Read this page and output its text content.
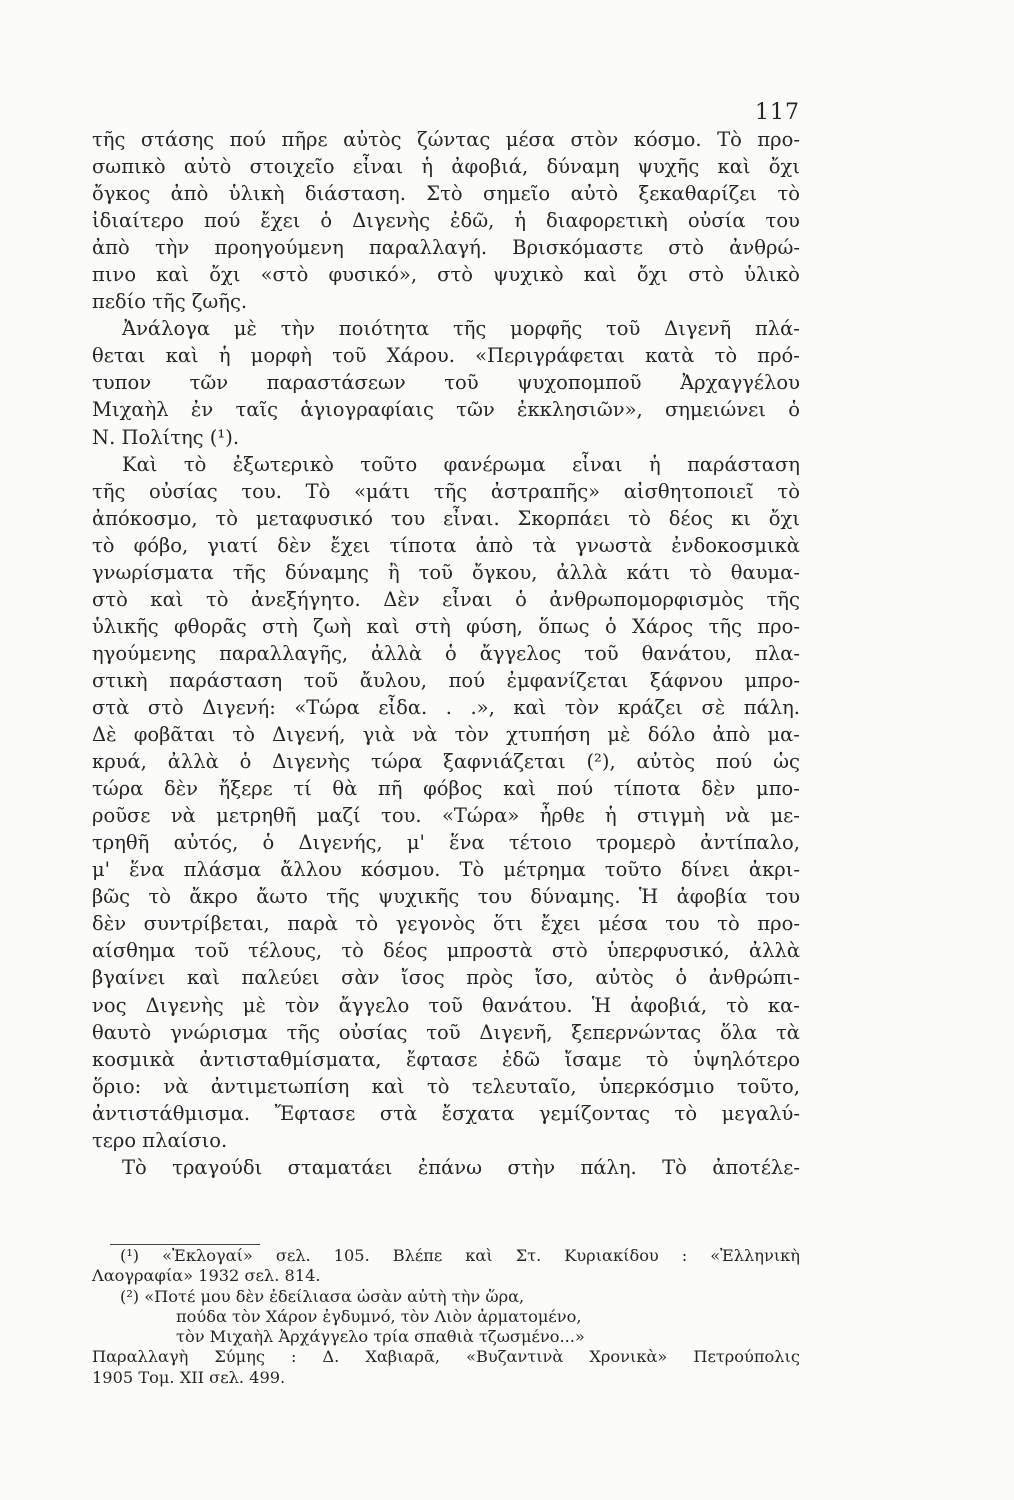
117
τῆς στάσης πού πῆρε αὐτὸς ζώντας μέσα στὸν κόσμο. Τὸ προ-
σωπικὸ αὐτὸ στοιχεῖο εἶναι ἡ ἀφοβιά, δύναμη ψυχῆς καὶ ὄχι
ὄγκος ἀπὸ ὑλικὴ διάσταση. Στὸ σημεῖο αὐτὸ ξεκαθαρίζει τὸ
ἰδιαίτερο πού ἔχει ὁ Διγενὴς ἐδῶ, ἡ διαφορετικὴ οὐσία του
ἀπὸ τὴν προηγούμενη παραλλαγή. Βρισκόμαστε στὸ ἀνθρώ-
πινο καὶ ὄχι «στὸ φυσικό», στὸ ψυχικὸ καὶ ὄχι στὸ ὑλικὸ
πεδίο τῆς ζωῆς.
Ἀνάλογα μὲ τὴν ποιότητα τῆς μορφῆς τοῦ Διγενῆ πλά-
θεται καὶ ἡ μορφὴ τοῦ Χάρου. «Περιγράφεται κατὰ τὸ πρό-
τυπον τῶν παραστάσεων τοῦ ψυχοπομποῦ Ἀρχαγγέλου
Μιχαὴλ ἐν ταῖς ἁγιογραφίαις τῶν ἐκκλησιῶν», σημειώνει ὁ
Ν. Πολίτης (¹).
Καὶ τὸ ἐξωτερικὸ τοῦτο φανέρωμα εἶναι ἡ παράσταση
τῆς οὐσίας του. Τὸ «μάτι τῆς ἀστραπῆς» αἰσθητοποιεῖ τὸ
ἀπόκοσμο, τὸ μεταφυσικό του εἶναι. Σκορπάει τὸ δέος κι ὄχι
τὸ φόβο, γιατί δὲν ἔχει τίποτα ἀπὸ τὰ γνωστὰ ἐνδοκοσμικὰ
γνωρίσματα τῆς δύναμης ἢ τοῦ ὄγκου, ἀλλὰ κάτι τὸ θαυμα-
στὸ καὶ τὸ ἀνεξήγητο. Δὲν εἶναι ὁ ἀνθρωπομορφισμὸς τῆς
ὑλικῆς φθορᾶς στὴ ζωὴ καὶ στὴ φύση, ὅπως ὁ Χάρος τῆς προ-
ηγούμενης παραλλαγῆς, ἀλλὰ ὁ ἄγγελος τοῦ θανάτου, πλα-
στικὴ παράσταση τοῦ ἄυλου, πού ἐμφανίζεται ξάφνου μπρο-
στὰ στὸ Διγενή: «Τώρα εἶδα. . .», καὶ τὸν κράζει σὲ πάλη.
Δὲ φοβᾶται τὸ Διγενή, γιὰ νὰ τὸν χτυπήση μὲ δόλο ἀπὸ μα-
κρυά, ἀλλὰ ὁ Διγενὴς τώρα ξαφνιάζεται (²), αὐτὸς πού ὡς
τώρα δὲν ἤξερε τί θὰ πῆ φόβος καὶ πού τίποτα δὲν μπο-
ροῦσε νὰ μετρηθῆ μαζί του. «Τώρα» ἦρθε ἡ στιγμὴ νὰ με-
τρηθῆ αὐτός, ὁ Διγενής, μ' ἕνα τέτοιο τρομερὸ ἀντίπαλο,
μ' ἕνα πλάσμα ἄλλου κόσμου. Τὸ μέτρημα τοῦτο δίνει ἀκρι-
βῶς τὸ ἄκρο ἄωτο τῆς ψυχικῆς του δύναμης. Ἡ ἀφοβία του
δὲν συντρίβεται, παρὰ τὸ γεγονὸς ὅτι ἔχει μέσα του τὸ προ-
αίσθημα τοῦ τέλους, τὸ δέος μπροστὰ στὸ ὑπερφυσικό, ἀλλὰ
βγαίνει καὶ παλεύει σὰν ἴσος πρὸς ἴσο, αὐτὸς ὁ ἀνθρώπι-
νος Διγενὴς μὲ τὸν ἄγγελο τοῦ θανάτου. Ἡ ἀφοβιά, τὸ κα-
θαυτὸ γνώρισμα τῆς οὐσίας τοῦ Διγενῆ, ξεπερνώντας ὅλα τὰ
κοσμικὰ ἀντισταθμίσματα, ἔφτασε ἐδῶ ἴσαμε τὸ ὑψηλότερο
ὅριο: νὰ ἀντιμετωπίση καὶ τὸ τελευταῖο, ὑπερκόσμιο τοῦτο,
ἀντιστάθμισμα. Ἔφτασε στὰ ἔσχατα γεμίζοντας τὸ μεγαλύ-
τερο πλαίσιο.
Τὸ τραγούδι σταματάει ἐπάνω στὴν πάλη. Τὸ ἀποτέλε-
(¹) «Ἐκλογαί» σελ. 105. Βλέπε καὶ Στ. Κυριακίδου : «Ἑλληνικὴ
Λαογραφία» 1932 σελ. 814.
(²) «Ποτέ μου δὲν ἐδείλιασα ὡσὰν αὐτὴ τὴν ὥρα,
πούδα τὸν Χάρον ἐγδυμνό, τὸν Λιὸν ἁρματομένο,
τὸν Μιχαὴλ Ἀρχάγγελο τρία σπαθιὰ τζωσμένο...»
Παραλλαγὴ Σύμης : Δ. Χαβιαρᾶ, «Βυζαντινὰ Χρονικὰ» Πετρούπολις
1905 Τομ. XII σελ. 499.
